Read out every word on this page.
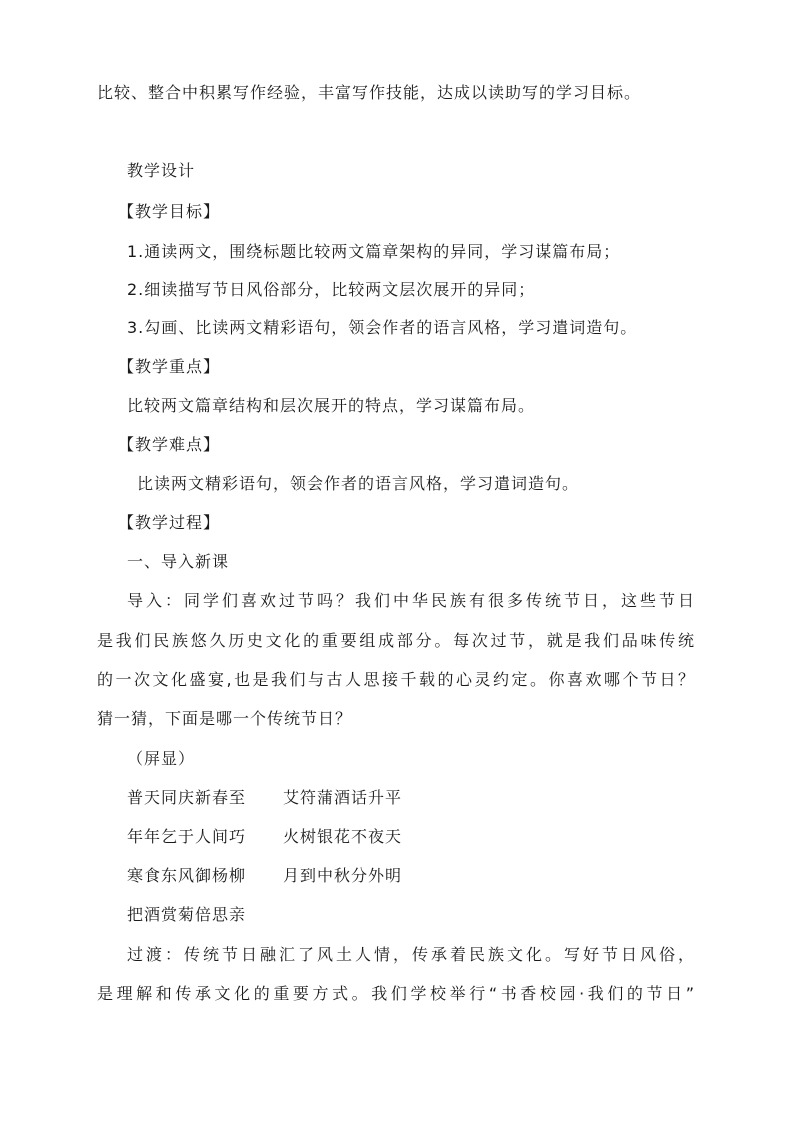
比较、整合中积累写作经验，丰富写作技能，达成以读助写的学习目标。
教学设计
【教学目标】
1.通读两文，围绕标题比较两文篇章架构的异同，学习谋篇布局；
2.细读描写节日风俗部分，比较两文层次展开的异同；
3.勾画、比读两文精彩语句，领会作者的语言风格，学习遣词造句。
【教学重点】
比较两文篇章结构和层次展开的特点，学习谋篇布局。
【教学难点】
比读两文精彩语句，领会作者的语言风格，学习遣词造句。
【教学过程】
一、导入新课
导入：同学们喜欢过节吗？我们中华民族有很多传统节日，这些节日
是我们民族悠久历史文化的重要组成部分。每次过节，就是我们品味传统
的一次文化盛宴,也是我们与古人思接千载的心灵约定。你喜欢哪个节日？
猜一猜，下面是哪一个传统节日？
（屏显）
普天同庆新春至 艾符蒲酒话升平
年年乞于人间巧 火树银花不夜天
寒食东风御杨柳 月到中秋分外明
把酒赏菊倍思亲
过渡：传统节日融汇了风土人情，传承着民族文化。写好节日风俗，
是理解和传承文化的重要方式。我们学校举行“书香校园·我们的节日”
